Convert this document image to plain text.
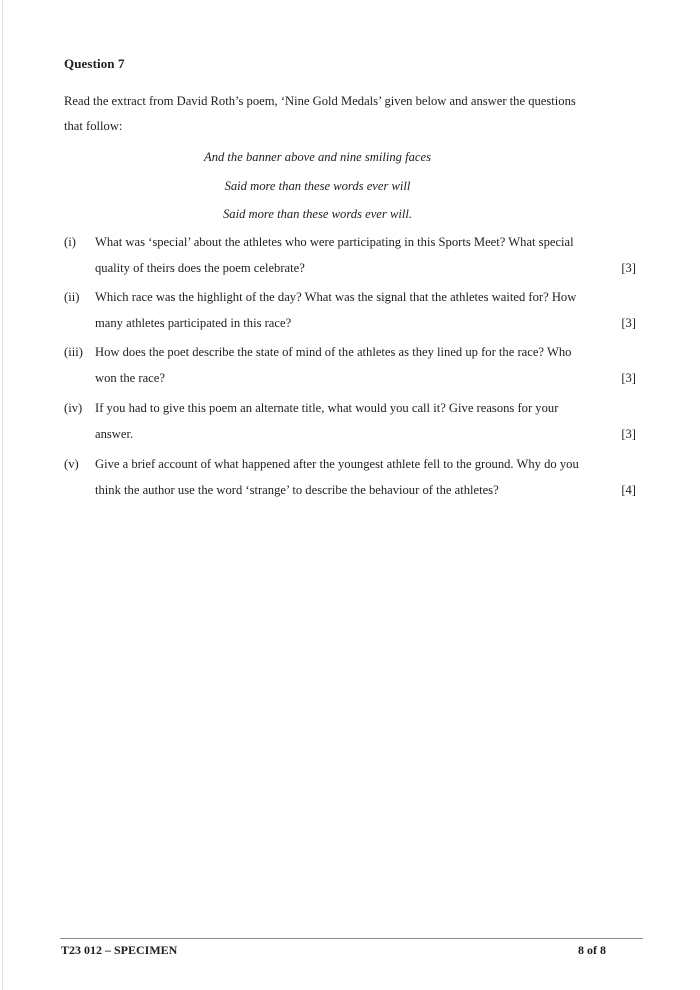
Question 7
Read the extract from David Roth’s poem, ‘Nine Gold Medals’ given below and answer the questions that follow:
And the banner above and nine smiling faces
Said more than these words ever will
Said more than these words ever will.
(i) What was ‘special’ about the athletes who were participating in this Sports Meet? What special quality of theirs does the poem celebrate?	[3]
(ii) Which race was the highlight of the day? What was the signal that the athletes waited for? How many athletes participated in this race?	[3]
(iii) How does the poet describe the state of mind of the athletes as they lined up for the race? Who won the race?	[3]
(iv) If you had to give this poem an alternate title, what would you call it? Give reasons for your answer.	[3]
(v) Give a brief account of what happened after the youngest athlete fell to the ground. Why do you think the author use the word ‘strange’ to describe the behaviour of the athletes?	[4]
T23 012 – SPECIMEN	8 of 8
